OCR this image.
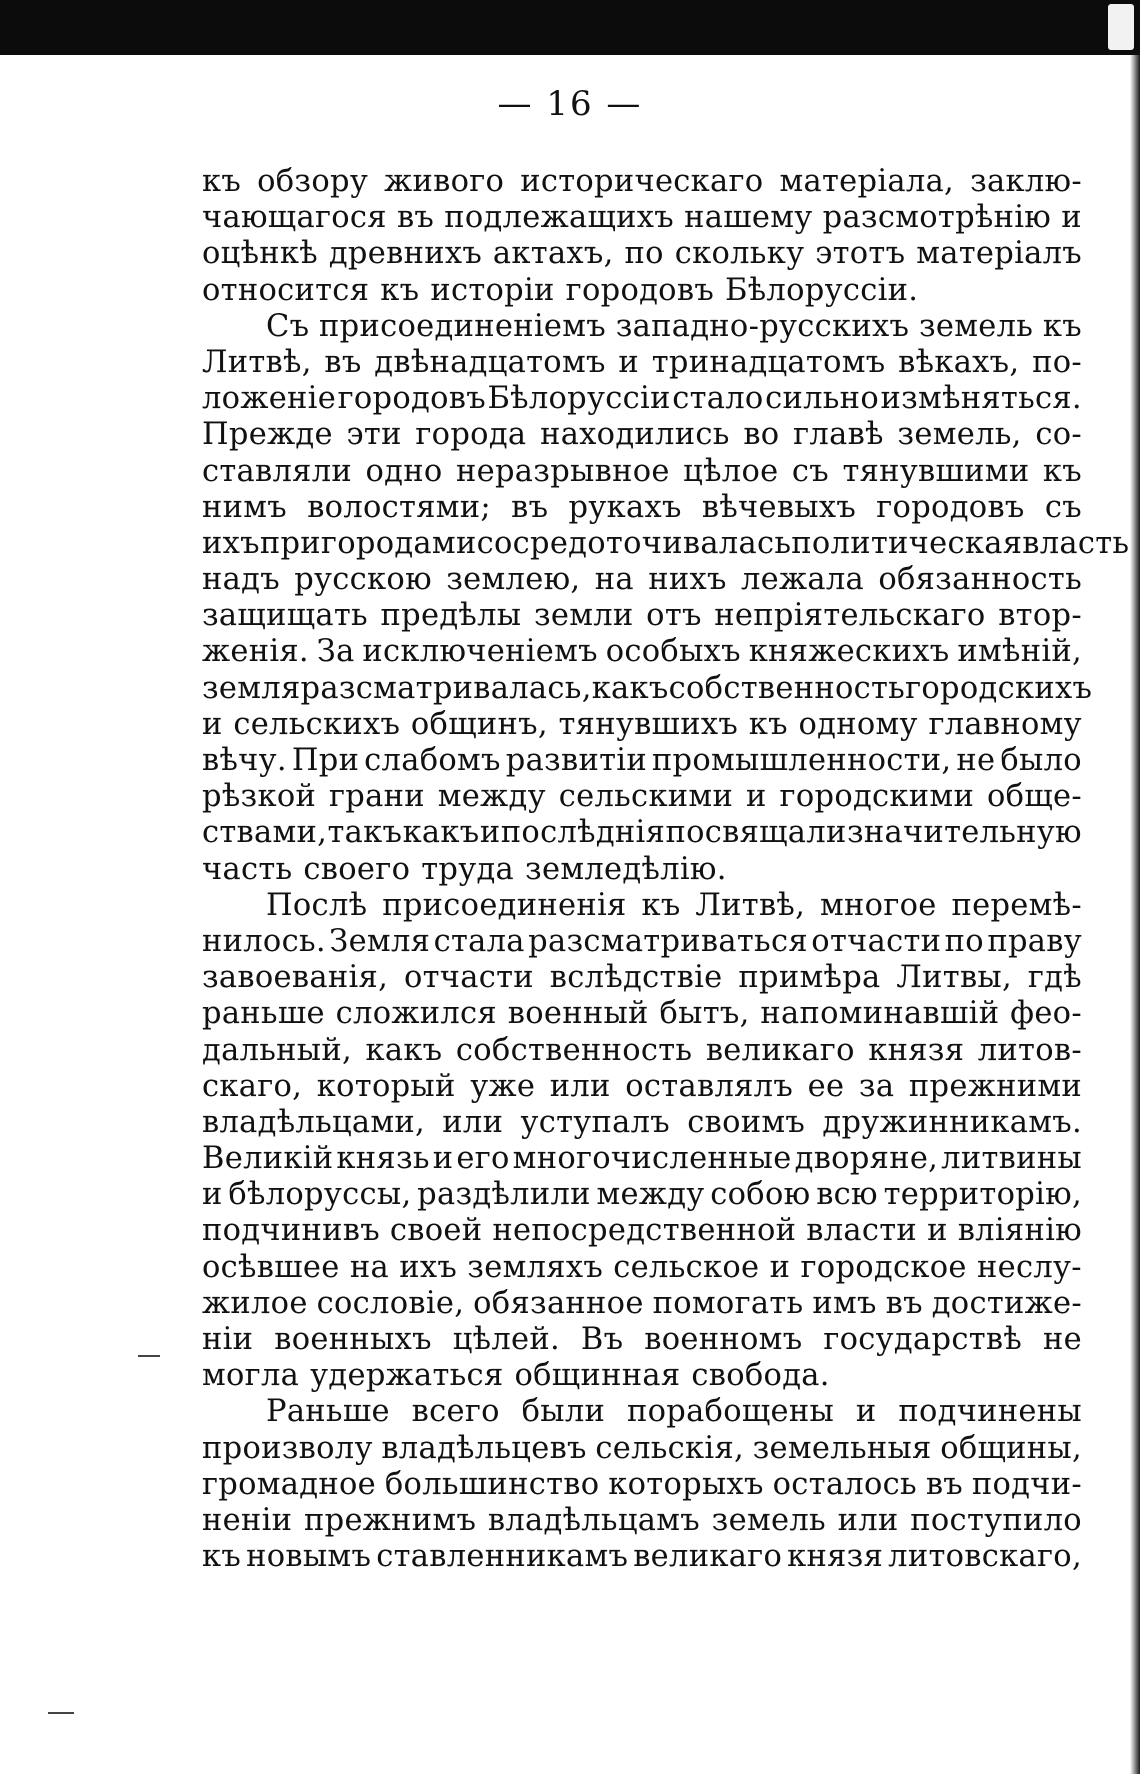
— 16 —
къ обзору живого историческаго матеріала, заклю-
чающагося въ подлежащихъ нашему разсмотрѣнію и
оцѣнкѣ древнихъ актахъ, по скольку этотъ матеріалъ
относится къ исторіи городовъ Бѣлоруссіи.
Съ присоединеніемъ западно-русскихъ земель къ
Литвѣ, въ двѣнадцатомъ и тринадцатомъ вѣкахъ, по-
ложеніе городовъ Бѣлоруссіи стало сильно измѣняться.
Прежде эти города находились во главѣ земель, со-
ставляли одно неразрывное цѣлое съ тянувшими къ
нимъ волостями; въ рукахъ вѣчевыхъ городовъ съ
ихъ пригородами сосредоточивалась политическая власть
надъ русскою землею, на нихъ лежала обязанность
защищать предѣлы земли отъ непріятельскаго втор-
женія. За исключеніемъ особыхъ княжескихъ имѣній,
земля разсматривалась, какъ собственность городскихъ
и сельскихъ общинъ, тянувшихъ къ одному главному
вѣчу. При слабомъ развитіи промышленности, не было
рѣзкой грани между сельскими и городскими обще-
ствами, такъ какъ и послѣднія посвящали значительную
часть своего труда земледѣлію.
Послѣ присоединенія къ Литвѣ, многое перемѣ-
нилось. Земля стала разсматриваться отчасти по праву
завоеванія, отчасти вслѣдствіе примѣра Литвы, гдѣ
раньше сложился военный бытъ, напоминавшій фео-
дальный, какъ собственность великаго князя литов-
скаго, который уже или оставлялъ ее за прежними
владѣльцами, или уступалъ своимъ дружинникамъ.
Великій князь и его многочисленные дворяне, литвины
и бѣлоруссы, раздѣлили между собою всю территорію,
подчинивъ своей непосредственной власти и вліянію
осѣвшее на ихъ земляхъ сельское и городское неслу-
жилое сословіе, обязанное помогать имъ въ достиже-
ніи военныхъ цѣлей. Въ военномъ государствѣ не
могла удержаться общинная свобода.
Раньше всего были порабощены и подчинены
произволу владѣльцевъ сельскія, земельныя общины,
громадное большинство которыхъ осталось въ подчи-
неніи прежнимъ владѣльцамъ земель или поступило
къ новымъ ставленникамъ великаго князя литовскаго,
